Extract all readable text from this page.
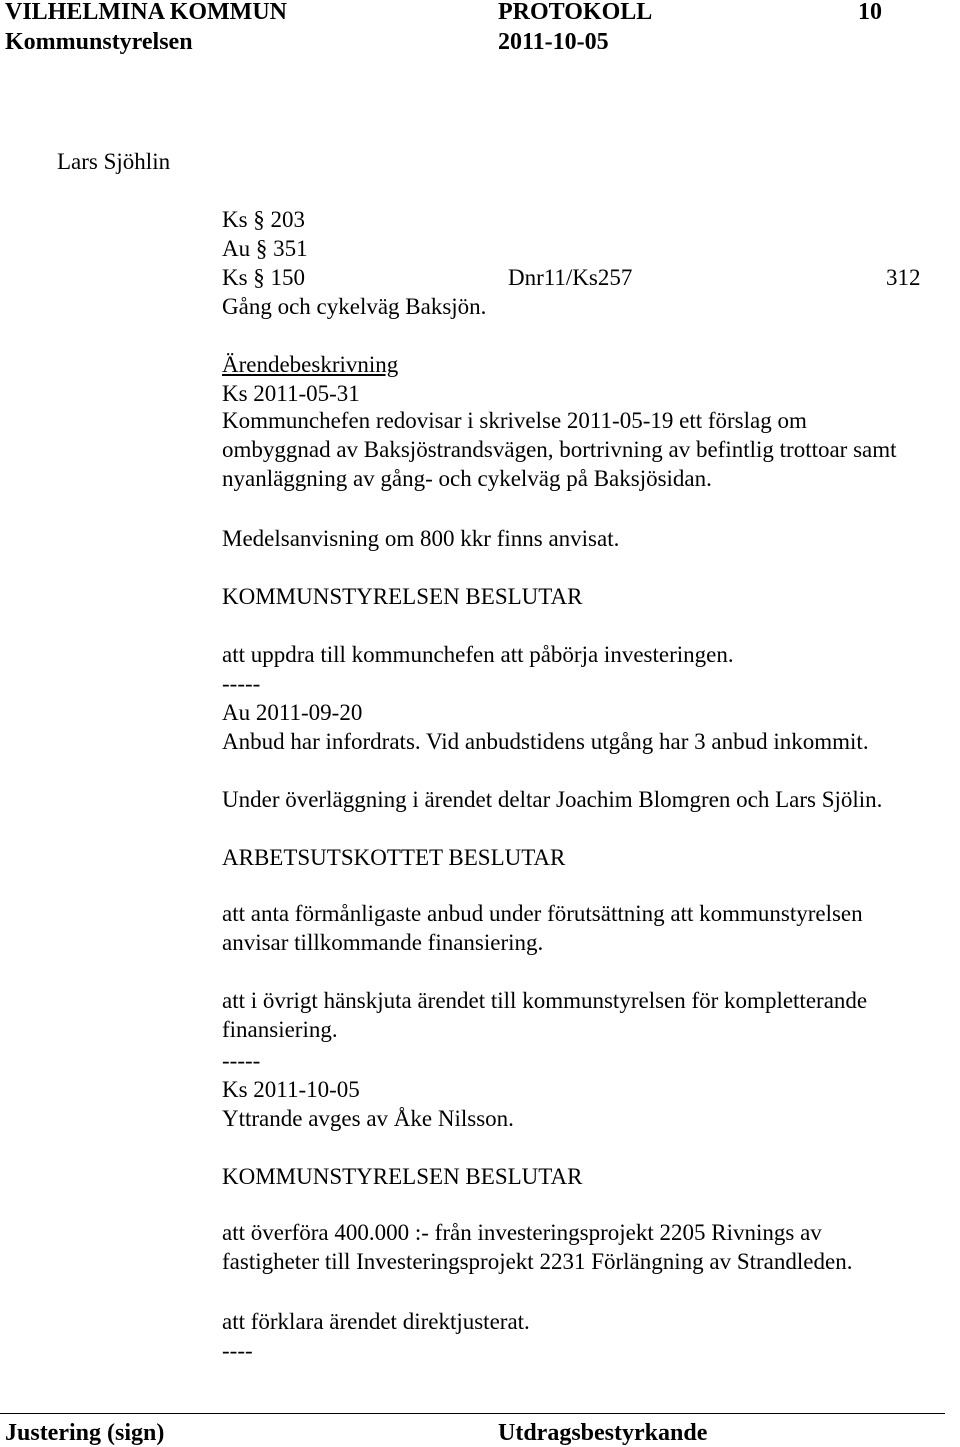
VILHELMINA KOMMUN	PROTOKOLL	10
Kommunstyrelsen	2011-10-05
Lars Sjöhlin
Ks § 203
Au § 351
Ks § 150	Dnr11/Ks257	312
Gång och cykelväg Baksjön.
Ärendebeskrivning
Ks 2011-05-31
Kommunchefen redovisar i skrivelse 2011-05-19 ett förslag om
ombyggnad av Baksjöstrandsvägen, bortrivning av befintlig trottoar samt
nyanläggning av gång- och cykelväg på Baksjösidan.
Medelsanvisning om 800 kkr finns anvisat.
KOMMUNSTYRELSEN BESLUTAR
att uppdra till kommunchefen att påbörja investeringen.
-----
Au 2011-09-20
Anbud har infordrats. Vid anbudstidens utgång har 3 anbud inkommit.
Under överläggning i ärendet deltar Joachim Blomgren och Lars Sjölin.
ARBETSUTSKOTTET BESLUTAR
att anta förmånligaste anbud under förutsättning att kommunstyrelsen
anvisar tillkommande finansiering.
att i övrigt hänskjuta ärendet till kommunstyrelsen för kompletterande
finansiering.
-----
Ks 2011-10-05
Yttrande avges av Åke Nilsson.
KOMMUNSTYRELSEN BESLUTAR
att överföra 400.000 :- från investeringsprojekt 2205 Rivnings av
fastigheter till Investeringsprojekt 2231 Förlängning av Strandleden.
att förklara ärendet direktjusterat.
----
Justering (sign)	Utdragsbestyrkande
